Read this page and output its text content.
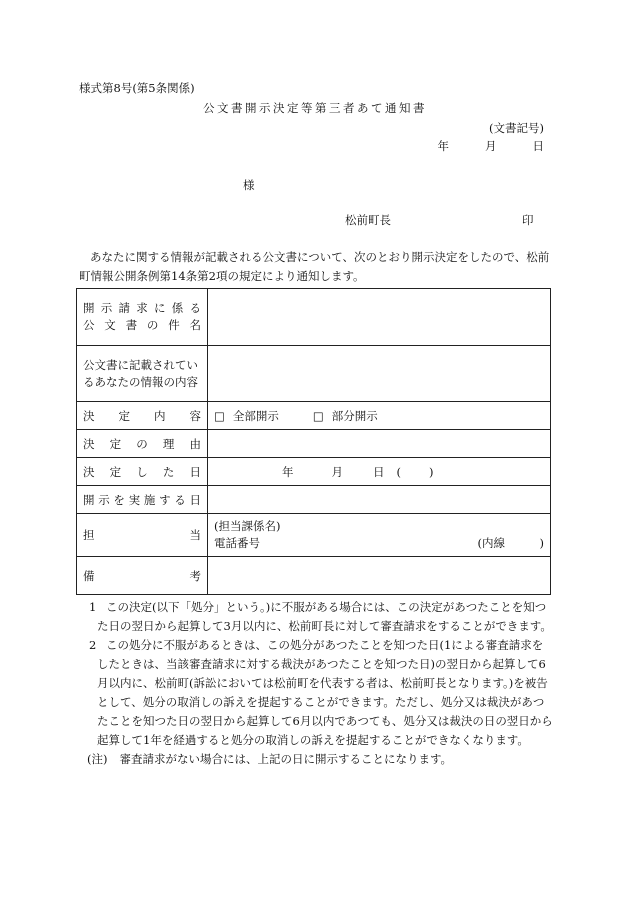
様式第8号(第5条関係)
公文書開示決定等第三者あて通知書
(文書記号)
年	月	日
様
松前町長	印
あなたに関する情報が記載される公文書について、次のとおり開示決定をしたので、松前町情報公開条例第14条第2項の規定により通知します。
開示請求に係る
公文書の件名	

公文書に記載されてい
るあなたの情報の内容	

決定内容	□ 全部開示 □ 部分開示

決定の理由	

決定した日	年 月 日 ( )

開示を実施する日	

担 当	(担当課係名)
電話番号 (内線　　　)

備 考	

1 この決定(以下「処分」という。)に不服がある場合には、この決定があつたことを知つた日の翌日から起算して3月以内に、松前町長に対して審査請求をすることができます。
2 この処分に不服があるときは、この処分があつたことを知つた日(1による審査請求をしたときは、当該審査請求に対する裁決があつたことを知つた日)の翌日から起算して6月以内に、松前町(訴訟においては松前町を代表する者は、松前町長となります。)を被告として、処分の取消しの訴えを提起することができます。ただし、処分又は裁決があつたことを知つた日の翌日から起算して6月以内であつても、処分又は裁決の日の翌日から起算して1年を経過すると処分の取消しの訴えを提起することができなくなります。
(注) 審査請求がない場合には、上記の日に開示することになります。
